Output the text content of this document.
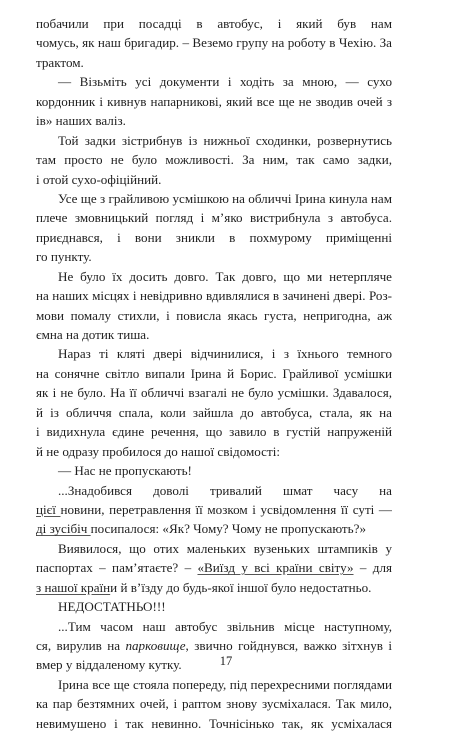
побачили при посадці в автобус, і який був нам
чомусь, як наш бригадир. – Веземо групу на роботу в Чехію. За
трактом.
— Візьміть усі документи і ходіть за мною, — сухо
кордонник і кивнув напарникові, який все ще не зводив очей з
ів» наших валіз.
Той задки зістрибнув із нижньої сходинки, розвернутись
там просто не було можливості. За ним, так само задки,
і отой сухо-офіційний.
Усе ще з грайливою усмішкою на обличчі Ірина кинула нам
плече змовницький погляд і м’яко вистрибнула з автобуса.
приєднався, і вони зникли в похмурому приміщенні
го пункту.
Не було їх досить довго. Так довго, що ми нетерпляче
на наших місцях і невідривно вдивлялися в зачинені двері. Роз-
мови помалу стихли, і повисла якась густа, непригодна, аж
ємна на дотик тиша.
Нараз ті кляті двері відчинилися, і з їхнього темного
на сонячне світло випали Ірина й Борис. Грайливої усмішки
як і не було. На її обличчі взагалі не було усмішки. Здавалося,
й із обличчя спала, коли зайшла до автобуса, стала, як на
і видихнула єдине речення, що завило в густій напруженій
й не одразу пробилося до нашої свідомості:
— Нас не пропускають!
...Знадобився доволі тривалий шмат часу на
цієї новини, перетравлення її мозком і усвідомлення її суті —
ді зусібіч посипалося: «Як? Чому? Чому не пропускають?»
Виявилося, що отих маленьких вузеньких штампиків у
паспортах – пам’ятаєте? – «Виїзд у всі країни світу» – для
з нашої країни й в’їзду до будь-якої іншої було недостатньо.
НЕДОСТАТНЬО!!!
...Тим часом наш автобус звільнив місце наступному,
ся, вирулив на парковище, звично гойднувся, важко зітхнув і
вмер у віддаленому кутку.
Ірина все ще стояла попереду, під перехресними поглядами
ка пар безтямних очей, і раптом знову зусміхалася. Так мило,
невимушено і так невинно. Точнісінько так, як усміхалася
17
